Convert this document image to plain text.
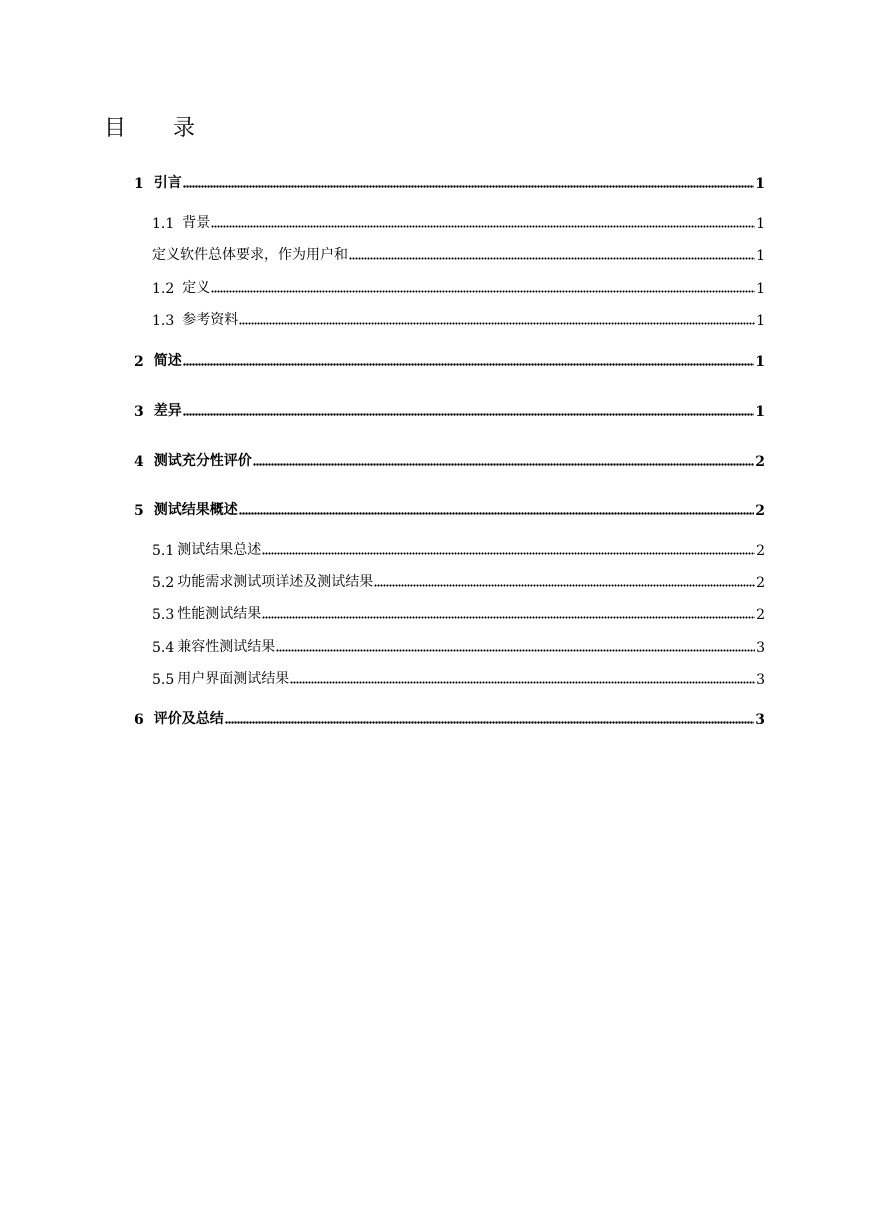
目 录
1 引言	1
1.1 背景	1
定义软件总体要求，作为用户和	1
1.2 定义	1
1.3 参考资料	1
2 简述	1
3 差异	1
4 测试充分性评价	2
5 测试结果概述	2
5.1 测试结果总述	2
5.2 功能需求测试项详述及测试结果	2
5.3 性能测试结果	2
5.4 兼容性测试结果	3
5.5 用户界面测试结果	3
6 评价及总结	3
